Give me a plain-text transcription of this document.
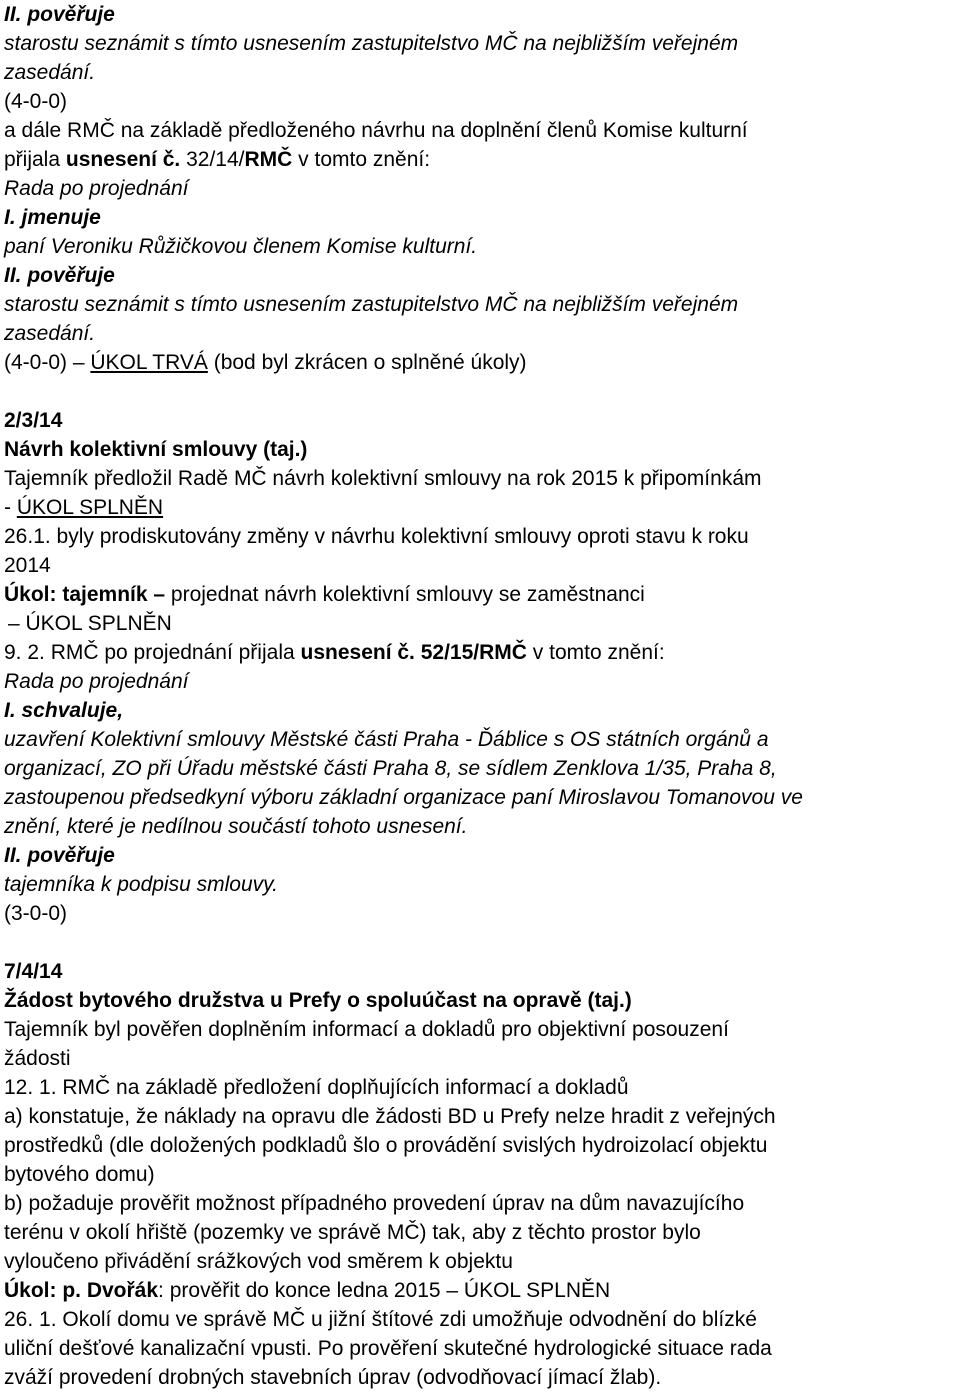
II. pověřuje
starostu seznámit s tímto usnesením zastupitelstvo MČ na nejbližším veřejném
zasedání.
(4-0-0)
a dále RMČ na základě předloženého návrhu na doplnění členů Komise kulturní
přijala usnesení č. 32/14/RMČ v tomto znění:
Rada po projednání
I. jmenuje
paní Veroniku Růžičkovou členem Komise kulturní.
II. pověřuje
starostu seznámit s tímto usnesením zastupitelstvo MČ na nejbližším veřejném
zasedání.
(4-0-0) – ÚKOL TRVÁ (bod byl zkrácen o splněné úkoly)
2/3/14
Návrh kolektivní smlouvy (taj.)
Tajemník předložil Radě MČ návrh kolektivní smlouvy na rok 2015 k připomínkám
- ÚKOL SPLNĚN
26.1. byly prodiskutovány změny v návrhu kolektivní smlouvy oproti stavu k roku
2014
Úkol: tajemník – projednat návrh kolektivní smlouvy se zaměstnanci
– ÚKOL SPLNĚN
9. 2. RMČ po projednání přijala usnesení č. 52/15/RMČ v tomto znění:
Rada po projednání
I. schvaluje,
uzavření Kolektivní smlouvy Městské části Praha - Ďáblice s OS státních orgánů a
organizací, ZO při Úřadu městské části Praha 8, se sídlem Zenklova 1/35, Praha 8,
zastoupenou předsedkyní výboru základní organizace paní Miroslavou Tomanovou ve
znění, které je nedílnou součástí tohoto usnesení.
II. pověřuje
tajemníka k podpisu smlouvy.
(3-0-0)
7/4/14
Žádost bytového družstva u Prefy o spoluúčast na opravě (taj.)
Tajemník byl pověřen doplněním informací a dokladů pro objektivní posouzení
žádosti
12. 1. RMČ na základě předložení doplňujících informací a dokladů
a) konstatuje, že náklady na opravu dle žádosti BD u Prefy nelze hradit z veřejných
prostředků (dle doložených podkladů šlo o provádění svislých hydroizolací objektu
bytového domu)
b) požaduje prověřit možnost případného provedení úprav na dům navazujícího
terénu v okolí hřiště (pozemky ve správě MČ) tak, aby z těchto prostor bylo
vyloučeno přivádění srážkových vod směrem k objektu
Úkol: p. Dvořák: prověřit do konce ledna 2015 – ÚKOL SPLNĚN
26. 1. Okolí domu ve správě MČ u jižní štítové zdi umožňuje odvodnění do blízké
uliční dešťové kanalizační vpusti. Po prověření skutečné hydrologické situace rada
zváží provedení drobných stavebních úprav (odvodňovací jímací žlab).
